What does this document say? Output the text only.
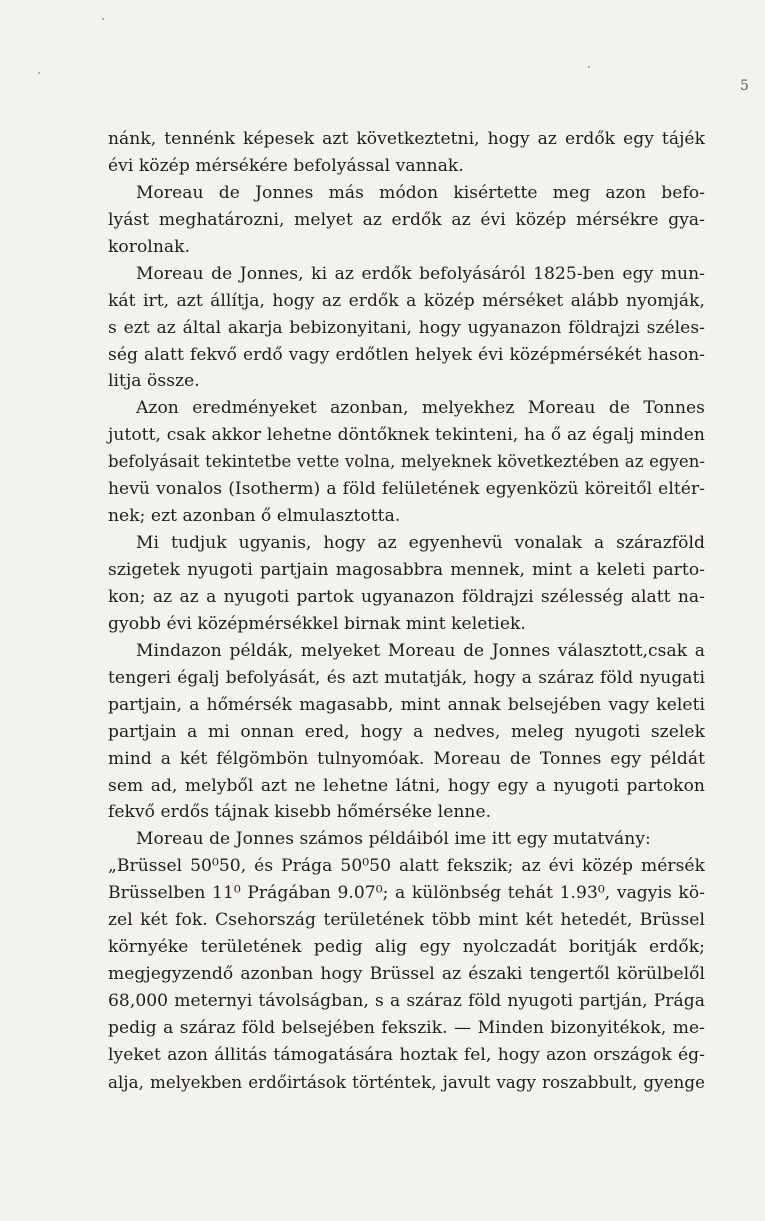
5
nánk, tennénk képesek azt következtetni, hogy az erdők egy tájék
évi közép mérsékére befolyással vannak.
Moreau de Jonnes más módon kisértette meg azon befo-
lyást meghatározni, melyet az erdők az évi közép mérsékre gya-
korolnak.
Moreau de Jonnes, ki az erdők befolyásáról 1825-ben egy mun-
kát irt, azt állítja, hogy az erdők a közép mérséket alább nyomják,
s ezt az által akarja bebizonyitani, hogy ugyanazon földrajzi széles-
ség alatt fekvő erdő vagy erdőtlen helyek évi középmérsékét hason-
litja össze.
Azon eredményeket azonban, melyekhez Moreau de Tonnes
jutott, csak akkor lehetne döntőknek tekinteni, ha ő az égalj minden
befolyásait tekintetbe vette volna, melyeknek következtében az egyen-
hevü vonalos (Isotherm) a föld felületének egyenközü köreitől eltér-
nek; ezt azonban ő elmulasztotta.
Mi tudjuk ugyanis, hogy az egyenhevü vonalak a szárazföld
szigetek nyugoti partjain magosabbra mennek, mint a keleti parto-
kon; az az a nyugoti partok ugyanazon földrajzi szélesség alatt na-
gyobb évi középmérsékkel birnak mint keletiek.
Mindazon példák, melyeket Moreau de Jonnes választott,csak a
tengeri égalj befolyását, és azt mutatják, hogy a száraz föld nyugati
partjain, a hőmérsék magasabb, mint annak belsejében vagy keleti
partjain a mi onnan ered, hogy a nedves, meleg nyugoti szelek
mind a két félgömbön tulnyomóak. Moreau de Tonnes egy példát
sem ad, melyből azt ne lehetne látni, hogy egy a nyugoti partokon
fekvő erdős tájnak kisebb hőmérséke lenne.
Moreau de Jonnes számos példáiból ime itt egy mutatvány:
„Brüssel 50⁰50, és Prága 50⁰50 alatt fekszik; az évi közép mérsék
Brüsselben 11⁰ Prágában 9.07⁰; a különbség tehát 1.93⁰, vagyis kö-
zel két fok. Csehország területének több mint két hetedét, Brüssel
környéke területének pedig alig egy nyolczadát boritják erdők;
megjegyzendő azonban hogy Brüssel az északi tengertől körülbelől
68,000 meternyi távolságban, s a száraz föld nyugoti partján, Prága
pedig a száraz föld belsejében fekszik. — Minden bizonyitékok, me-
lyeket azon állitás támogatására hoztak fel, hogy azon országok ég-
alja, melyekben erdőirtások történtek, javult vagy roszabbult, gyenge
